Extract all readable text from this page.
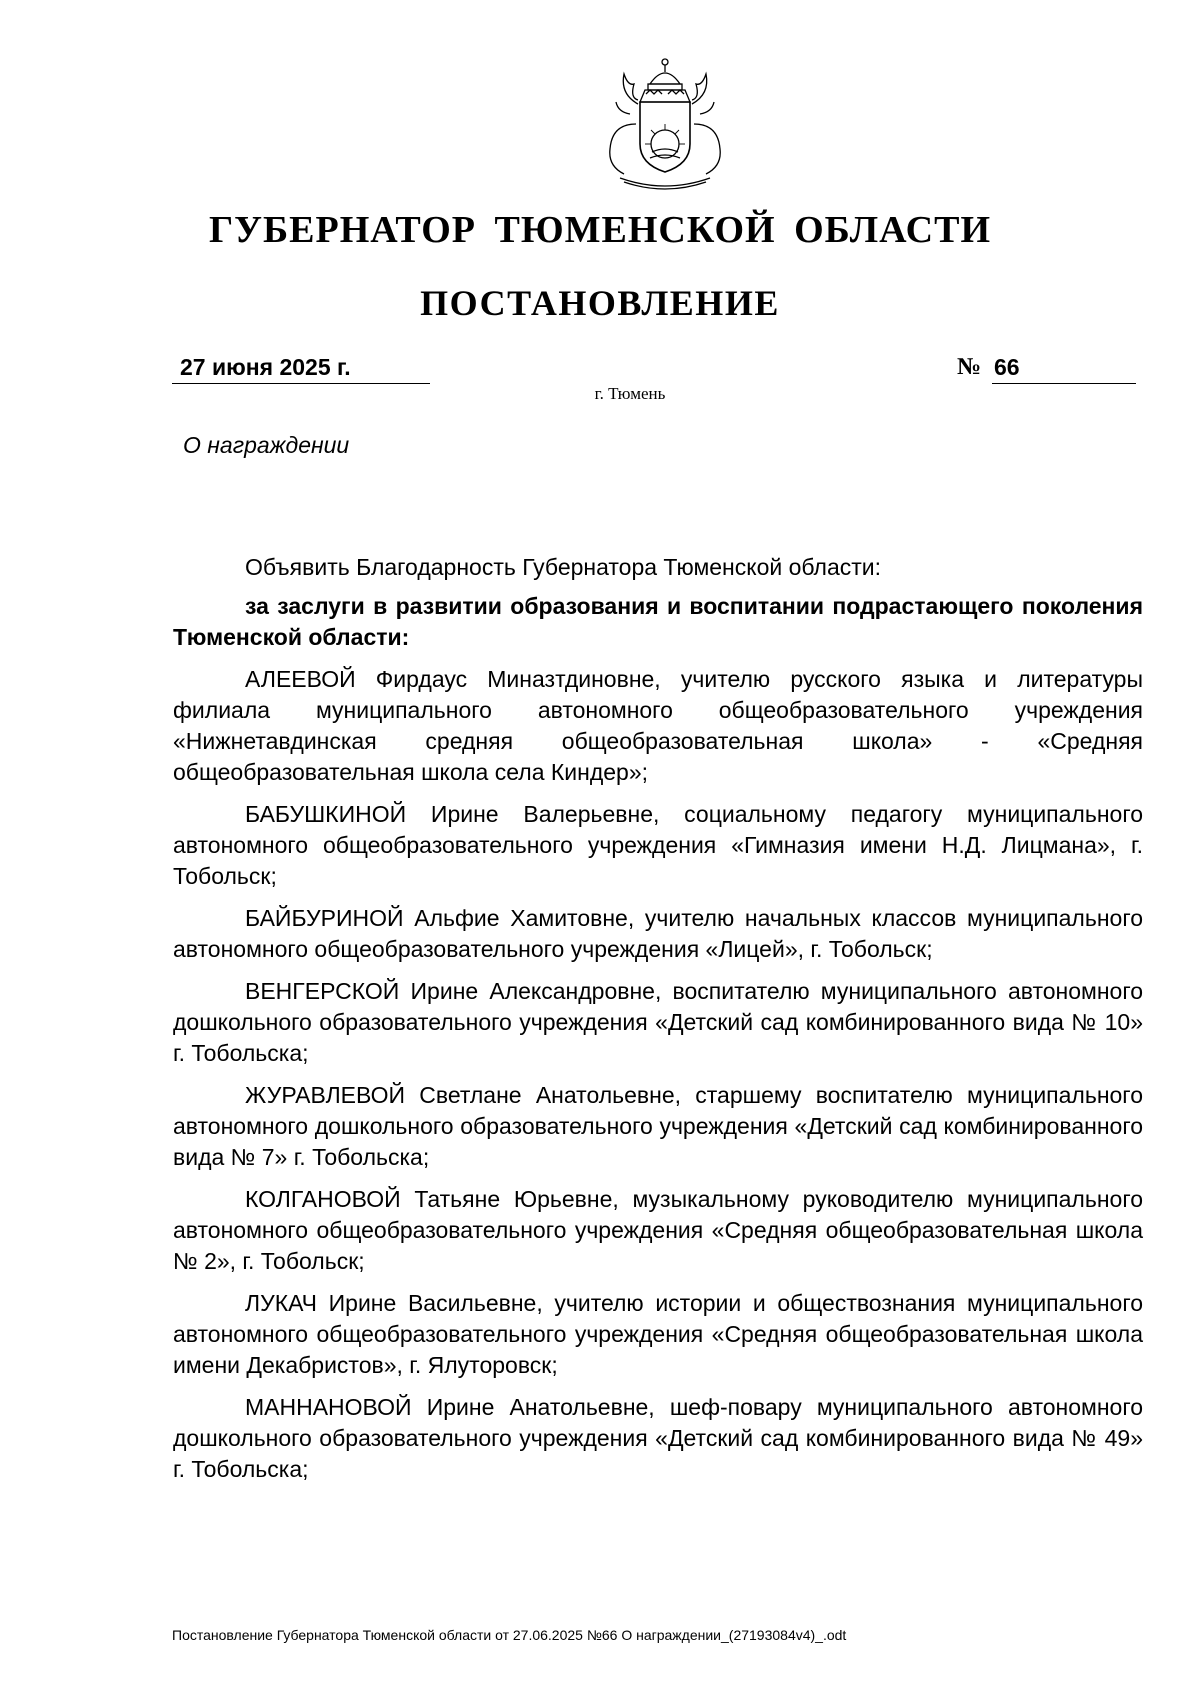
ГУБЕРНАТОР ТЮМЕНСКОЙ ОБЛАСТИ
ПОСТАНОВЛЕНИЕ
27 июня 2025 г.	№ 66
г. Тюмень
О награждении

Объявить Благодарность Губернатора Тюменской области:

за заслуги в развитии образования и воспитании подрастающего поколения Тюменской области:

АЛЕЕВОЙ Фирдаус Миназтдиновне, учителю русского языка и литературы филиала муниципального автономного общеобразовательного учреждения «Нижнетавдинская средняя общеобразовательная школа» - «Средняя общеобразовательная школа села Киндер»;

БАБУШКИНОЙ Ирине Валерьевне, социальному педагогу муниципального автономного общеобразовательного учреждения «Гимназия имени Н.Д. Лицмана», г. Тобольск;

БАЙБУРИНОЙ Альфие Хамитовне, учителю начальных классов муниципального автономного общеобразовательного учреждения «Лицей», г. Тобольск;

ВЕНГЕРСКОЙ Ирине Александровне, воспитателю муниципального автономного дошкольного образовательного учреждения «Детский сад комбинированного вида № 10» г. Тобольска;

ЖУРАВЛЕВОЙ Светлане Анатольевне, старшему воспитателю муниципального автономного дошкольного образовательного учреждения «Детский сад комбинированного вида № 7» г. Тобольска;

КОЛГАНОВОЙ Татьяне Юрьевне, музыкальному руководителю муниципального автономного общеобразовательного учреждения «Средняя общеобразовательная школа № 2», г. Тобольск;

ЛУКАЧ Ирине Васильевне, учителю истории и обществознания муниципального автономного общеобразовательного учреждения «Средняя общеобразовательная школа имени Декабристов», г. Ялуторовск;

МАННАНОВОЙ Ирине Анатольевне, шеф-повару муниципального автономного дошкольного образовательного учреждения «Детский сад комбинированного вида № 49» г. Тобольска;

Постановление Губернатора Тюменской области от 27.06.2025 №66 О награждении_(27193084v4)_.odt
